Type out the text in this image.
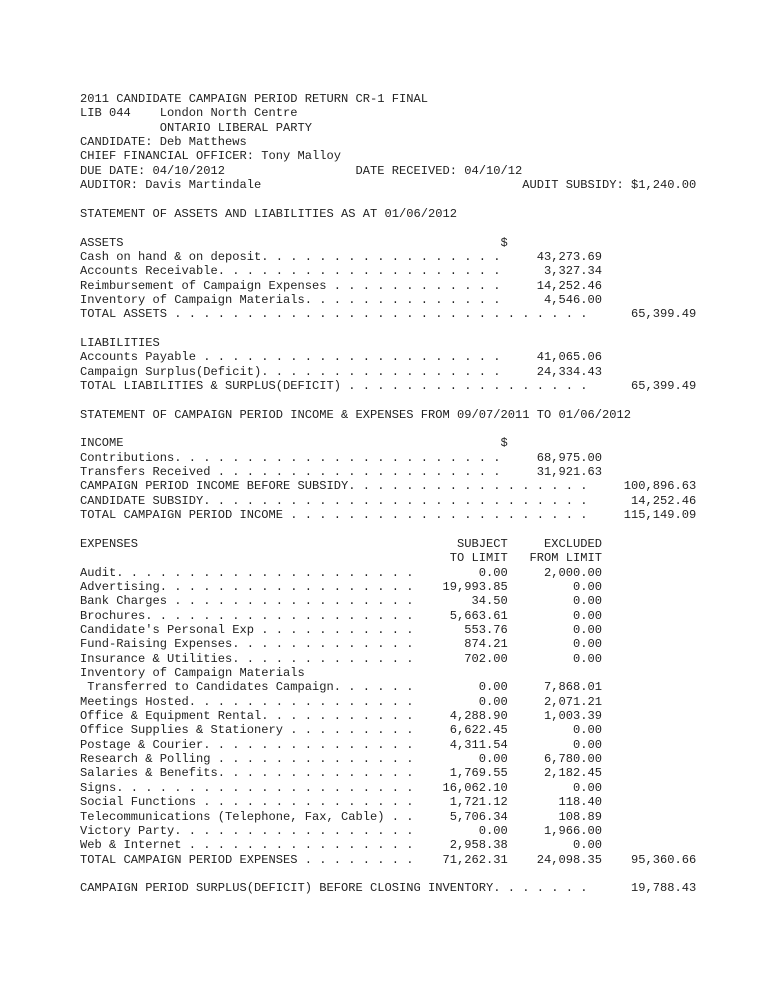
2011 CANDIDATE CAMPAIGN PERIOD RETURN CR-1 FINAL
LIB 044    London North Centre
ONTARIO LIBERAL PARTY
CANDIDATE: Deb Matthews
CHIEF FINANCIAL OFFICER: Tony Malloy
DUE DATE: 04/10/2012                  DATE RECEIVED: 04/10/12
AUDITOR: Davis Martindale                                    AUDIT SUBSIDY: $1,240.00
STATEMENT OF ASSETS AND LIABILITIES AS AT 01/06/2012
ASSETS                                                    $
Cash on hand & on deposit. . . . . . . . . . . . . . . . .     43,273.69
Accounts Receivable. . . . . . . . . . . . . . . . . . . .      3,327.34
Reimbursement of Campaign Expenses . . . . . . . . . . . .     14,252.46
Inventory of Campaign Materials. . . . . . . . . . . . . .      4,546.00
TOTAL ASSETS . . . . . . . . . . . . . . . . . . . . . . . . . . . . .      65,399.49
LIABILITIES
Accounts Payable . . . . . . . . . . . . . . . . . . . . .     41,065.06
Campaign Surplus(Deficit). . . . . . . . . . . . . . . . .     24,334.43
TOTAL LIABILITIES & SURPLUS(DEFICIT) . . . . . . . . . . . . . . . . .      65,399.49
STATEMENT OF CAMPAIGN PERIOD INCOME & EXPENSES FROM 09/07/2011 TO 01/06/2012
INCOME                                                    $
Contributions. . . . . . . . . . . . . . . . . . . . . . .     68,975.00
Transfers Received . . . . . . . . . . . . . . . . . . . .     31,921.63
CAMPAIGN PERIOD INCOME BEFORE SUBSIDY. . . . . . . . . . . . . . . . .     100,896.63
CANDIDATE SUBSIDY. . . . . . . . . . . . . . . . . . . . . . . . . . .      14,252.46
TOTAL CAMPAIGN PERIOD INCOME . . . . . . . . . . . . . . . . . . . . .     115,149.09
EXPENSES                                            SUBJECT     EXCLUDED
TO LIMIT   FROM LIMIT
Audit. . . . . . . . . . . . . . . . . . . . .         0.00     2,000.00
Advertising. . . . . . . . . . . . . . . . . .    19,993.85         0.00
Bank Charges . . . . . . . . . . . . . . . . .        34.50         0.00
Brochures. . . . . . . . . . . . . . . . . . .     5,663.61         0.00
Candidate's Personal Exp . . . . . . . . . . .       553.76         0.00
Fund-Raising Expenses. . . . . . . . . . . . .       874.21         0.00
Insurance & Utilities. . . . . . . . . . . . .       702.00         0.00
Inventory of Campaign Materials
Transferred to Candidates Campaign. . . . . .         0.00     7,868.01
Meetings Hosted. . . . . . . . . . . . . . . .         0.00     2,071.21
Office & Equipment Rental. . . . . . . . . . .     4,288.90     1,003.39
Office Supplies & Stationery . . . . . . . . .     6,622.45         0.00
Postage & Courier. . . . . . . . . . . . . . .     4,311.54         0.00
Research & Polling . . . . . . . . . . . . . .         0.00     6,780.00
Salaries & Benefits. . . . . . . . . . . . . .     1,769.55     2,182.45
Signs. . . . . . . . . . . . . . . . . . . . .    16,062.10         0.00
Social Functions . . . . . . . . . . . . . . .     1,721.12       118.40
Telecommunications (Telephone, Fax, Cable) . .     5,706.34       108.89
Victory Party. . . . . . . . . . . . . . . . .         0.00     1,966.00
Web & Internet . . . . . . . . . . . . . . . .     2,958.38         0.00
TOTAL CAMPAIGN PERIOD EXPENSES . . . . . . . .    71,262.31    24,098.35    95,360.66
CAMPAIGN PERIOD SURPLUS(DEFICIT) BEFORE CLOSING INVENTORY. . . . . . .      19,788.43
